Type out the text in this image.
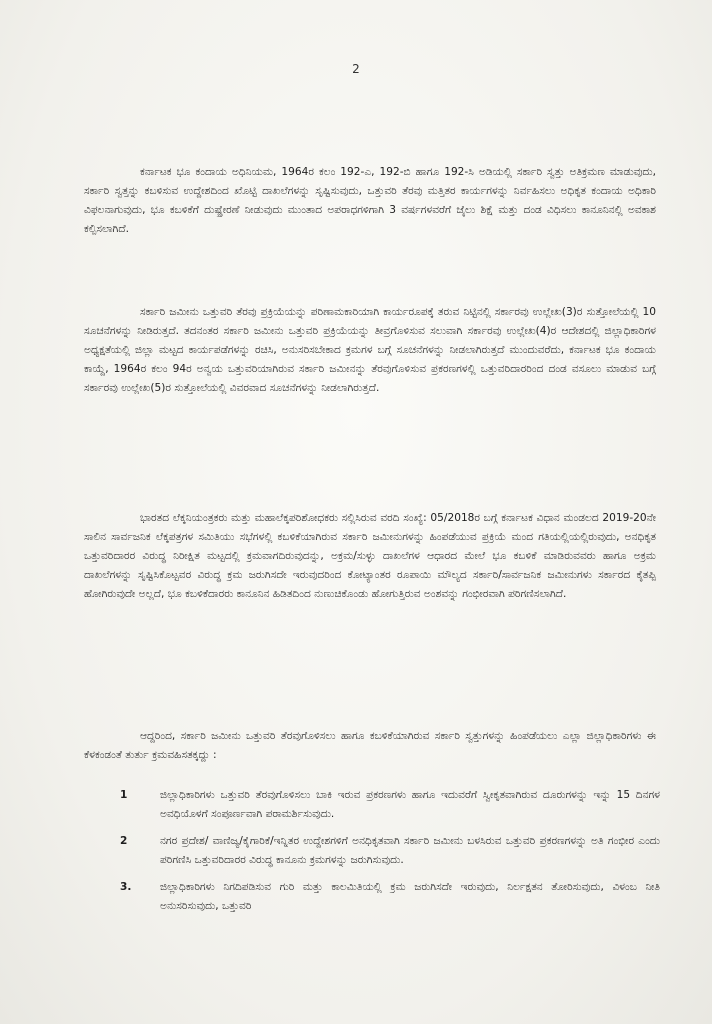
2

ಕರ್ನಾಟಕ ಭೂ ಕಂದಾಯ ಅಧಿನಿಯಮ, 1964ರ ಕಲಂ 192-ಎ, 192-ಬಿ ಹಾಗೂ 192-ಸಿ ಅಡಿಯಲ್ಲಿ ಸರ್ಕಾರಿ ಸ್ವತ್ತು ಅತಿಕ್ರಮಣ ಮಾಡುವುದು, ಸರ್ಕಾರಿ ಸ್ವತ್ತನ್ನು ಕಬಳಿಸುವ ಉದ್ದೇಶದಿಂದ ಖೊಟ್ಟಿ ದಾಖಲೆಗಳನ್ನು ಸೃಷ್ಟಿಸುವುದು, ಒತ್ತುವರಿ ತೆರವು ಮತ್ತಿತರ ಕಾರ್ಯಗಳನ್ನು ನಿರ್ವಹಿಸಲು ಅಧಿಕೃತ ಕಂದಾಯ ಅಧಿಕಾರಿ ವಿಫಲನಾಗುವುದು, ಭೂ ಕಬಳಿಕೆಗೆ ದುಷ್ಪ್ರೇರಣೆ ನೀಡುವುದು ಮುಂತಾದ ಅಪರಾಧಗಳಿಗಾಗಿ 3 ವರ್ಷಗಳವರೆಗೆ ಜೈಲು ಶಿಕ್ಷೆ ಮತ್ತು ದಂಡ ವಿಧಿಸಲು ಕಾನೂನಿನಲ್ಲಿ ಅವಕಾಶ ಕಲ್ಪಿಸಲಾಗಿದೆ.

ಸರ್ಕಾರಿ ಜಮೀನು ಒತ್ತುವರಿ ತೆರವು ಪ್ರಕ್ರಿಯೆಯನ್ನು ಪರಿಣಾಮಕಾರಿಯಾಗಿ ಕಾರ್ಯರೂಪಕ್ಕೆ ತರುವ ನಿಟ್ಟಿನಲ್ಲಿ ಸರ್ಕಾರವು ಉಲ್ಲೇಖ(3)ರ ಸುತ್ತೋಲೆಯಲ್ಲಿ 10 ಸೂಚನೆಗಳನ್ನು ನೀಡಿರುತ್ತದೆ. ತದನಂತರ ಸರ್ಕಾರಿ ಜಮೀನು ಒತ್ತುವರಿ ಪ್ರಕ್ರಿಯೆಯನ್ನು ತೀವ್ರಗೊಳಿಸುವ ಸಲುವಾಗಿ ಸರ್ಕಾರವು ಉಲ್ಲೇಖ(4)ರ ಆದೇಶದಲ್ಲಿ ಜಿಲ್ಲಾಧಿಕಾರಿಗಳ ಅಧ್ಯಕ್ಷತೆಯಲ್ಲಿ ಜಿಲ್ಲಾ ಮಟ್ಟದ ಕಾರ್ಯಪಡೆಗಳನ್ನು ರಚಿಸಿ, ಅನುಸರಿಸಬೇಕಾದ ಕ್ರಮಗಳ ಬಗ್ಗೆ ಸೂಚನೆಗಳನ್ನು ನೀಡಲಾಗಿರುತ್ತದೆ ಮುಂದುವರೆದು, ಕರ್ನಾಟಕ ಭೂ ಕಂದಾಯ ಕಾಯ್ದೆ, 1964ರ ಕಲಂ 94ರ ಅನ್ವಯ ಒತ್ತುವರಿಯಾಗಿರುವ ಸರ್ಕಾರಿ ಜಮೀನನ್ನು ತೆರವುಗೊಳಿಸುವ ಪ್ರಕರಣಗಳಲ್ಲಿ ಒತ್ತುವರಿದಾರರಿಂದ ದಂಡ ವಸೂಲು ಮಾಡುವ ಬಗ್ಗೆ ಸರ್ಕಾರವು ಉಲ್ಲೇಖ(5)ರ ಸುತ್ತೋಲೆಯಲ್ಲಿ ವಿವರವಾದ ಸೂಚನೆಗಳನ್ನು ನೀಡಲಾಗಿರುತ್ತದೆ.

ಭಾರತದ ಲೆಕ್ಕನಿಯಂತ್ರಕರು ಮತ್ತು ಮಹಾಲೆಕ್ಕಪರಿಶೋಧಕರು ಸಲ್ಲಿಸಿರುವ ವರದಿ ಸಂಖ್ಯೆ: 05/2018ರ ಬಗ್ಗೆ ಕರ್ನಾಟಕ ವಿಧಾನ ಮಂಡಲದ 2019-20ನೇ ಸಾಲಿನ ಸಾರ್ವಜನಿಕ ಲೆಕ್ಕಪತ್ರಗಳ ಸಮಿತಿಯು ಸಭೆಗಳಲ್ಲಿ ಕಬಳಿಕೆಯಾಗಿರುವ ಸರ್ಕಾರಿ ಜಮೀನುಗಳನ್ನು ಹಿಂಪಡೆಯುವ ಪ್ರಕ್ರಿಯೆ ಮಂದ ಗತಿಯಲ್ಲಿಯಲ್ಲಿರುವುದು, ಅನಧಿಕೃತ ಒತ್ತುವರಿದಾರರ ವಿರುದ್ಧ ನಿರೀಕ್ಷಿತ ಮಟ್ಟದಲ್ಲಿ ಕ್ರಮವಾಗದಿರುವುದನ್ನು, ಅಕ್ರಮ/ಸುಳ್ಳು ದಾಖಲೆಗಳ ಆಧಾರದ ಮೇಲೆ ಭೂ ಕಬಳಿಕೆ ಮಾಡಿರುವವರು ಹಾಗೂ ಅಕ್ರಮ ದಾಖಲೆಗಳನ್ನು ಸೃಷ್ಟಿಸಿಕೊಟ್ಟವರ ವಿರುದ್ಧ ಕ್ರಮ ಜರುಗಿಸದೇ ಇರುವುದರಿಂದ ಕೋಟ್ಯಾಂತರ ರೂಪಾಯಿ ಮೌಲ್ಯದ ಸರ್ಕಾರಿ/ಸಾರ್ವಜನಿಕ ಜಮೀನುಗಳು ಸರ್ಕಾರದ ಕೈತಪ್ಪಿ ಹೋಗಿರುವುದೇ ಅಲ್ಲದೆ, ಭೂ ಕಬಳಿಕೆದಾರರು ಕಾನೂನಿನ ಹಿಡಿತದಿಂದ ನುಣುಚಿಕೊಂಡು ಹೋಗುತ್ತಿರುವ ಅಂಶವನ್ನು ಗಂಭೀರವಾಗಿ ಪರಿಗಣಿಸಲಾಗಿದೆ.

ಆದ್ದರಿಂದ, ಸರ್ಕಾರಿ ಜಮೀನು ಒತ್ತುವರಿ ತೆರವುಗೊಳಿಸಲು ಹಾಗೂ ಕಬಳಿಕೆಯಾಗಿರುವ ಸರ್ಕಾರಿ ಸ್ವತ್ತುಗಳನ್ನು ಹಿಂಪಡೆಯಲು ಎಲ್ಲಾ ಜಿಲ್ಲಾಧಿಕಾರಿಗಳು ಈ ಕೆಳಕಂಡಂತೆ ತುರ್ತು ಕ್ರಮವಹಿಸತಕ್ಕದ್ದು :

1	ಜಿಲ್ಲಾಧಿಕಾರಿಗಳು ಒತ್ತುವರಿ ತೆರವುಗೊಳಿಸಲು ಬಾಕಿ ಇರುವ ಪ್ರಕರಣಗಳು ಹಾಗೂ ಇದುವರೆಗೆ ಸ್ವೀಕೃತವಾಗಿರುವ ದೂರುಗಳನ್ನು ಇನ್ನು 15 ದಿನಗಳ ಅವಧಿಯೊಳಗೆ ಸಂಪೂರ್ಣವಾಗಿ ಪರಾಮರ್ಶಿಸುವುದು.
2	ನಗರ ಪ್ರದೇಶ/ ವಾಣಿಜ್ಯ/ಕೈಗಾರಿಕೆ/ಇನ್ನಿತರ ಉದ್ದೇಶಗಳಿಗೆ ಅನಧಿಕೃತವಾಗಿ ಸರ್ಕಾರಿ ಜಮೀನು ಬಳಸಿರುವ ಒತ್ತುವರಿ ಪ್ರಕರಣಗಳನ್ನು ಅತಿ ಗಂಭೀರ ಎಂದು ಪರಿಗಣಿಸಿ ಒತ್ತುವರಿದಾರರ ವಿರುದ್ಧ ಕಾನೂನು ಕ್ರಮಗಳನ್ನು ಜರುಗಿಸುವುದು.
3.	ಜಿಲ್ಲಾಧಿಕಾರಿಗಳು ನಿಗದಿಪಡಿಸುವ ಗುರಿ ಮತ್ತು ಕಾಲಮಿತಿಯಲ್ಲಿ ಕ್ರಮ ಜರುಗಿಸದೇ ಇರುವುದು, ನಿರ್ಲಕ್ಷತನ ತೋರಿಸುವುದು, ವಿಳಂಬ ನೀತಿ ಅನುಸರಿಸುವುದು, ಒತ್ತುವರಿ
